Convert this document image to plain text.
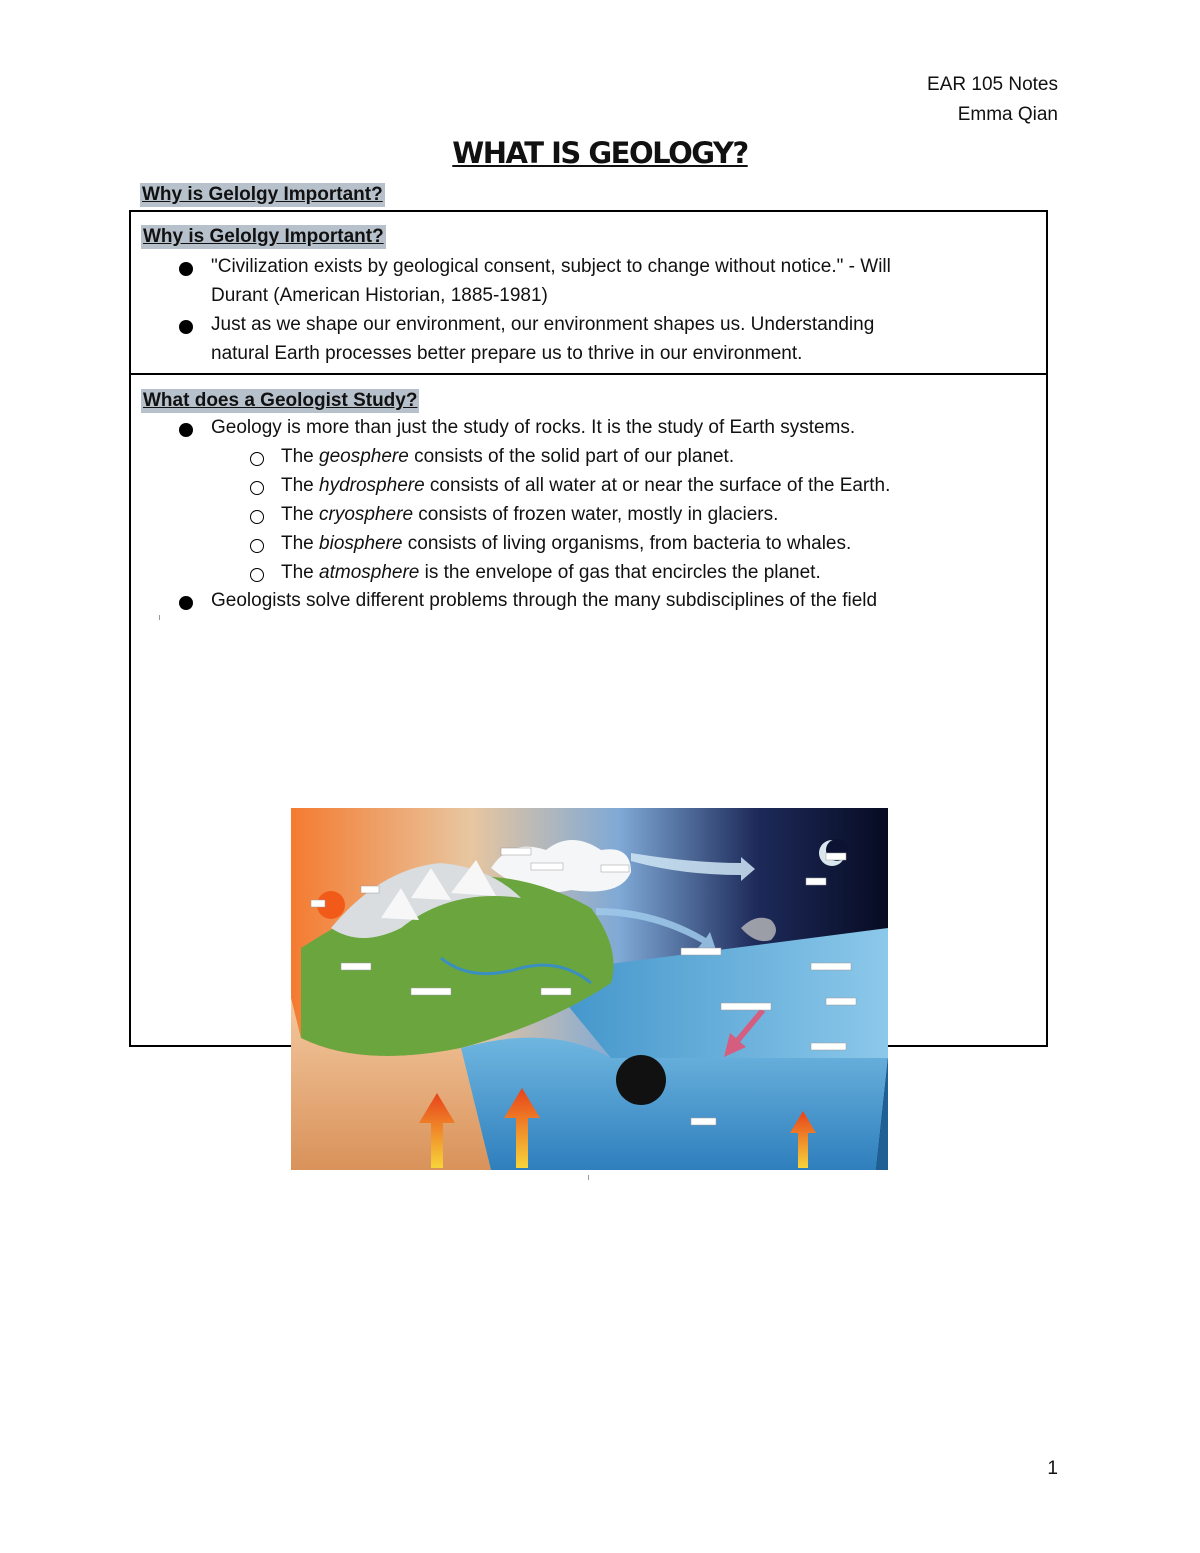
EAR 105 Notes
Emma Qian
WHAT IS GEOLOGY?
Why is Gelolgy Important?
Why is Gelolgy Important?
"Civilization exists by geological consent, subject to change without notice." - Will
Durant (American Historian, 1885-1981)
Just as we shape our environment, our environment shapes us. Understanding
natural Earth processes better prepare us to thrive in our environment.
What does a Geologist Study?
Geology is more than just the study of rocks. It is the study of Earth systems.
The geosphere consists of the solid part of our planet.
The hydrosphere consists of all water at or near the surface of the Earth.
The cryosphere consists of frozen water, mostly in glaciers.
The biosphere consists of living organisms, from bacteria to whales.
The atmosphere is the envelope of gas that encircles the planet.
Geologists solve different problems through the many subdisciplines of the field
1
